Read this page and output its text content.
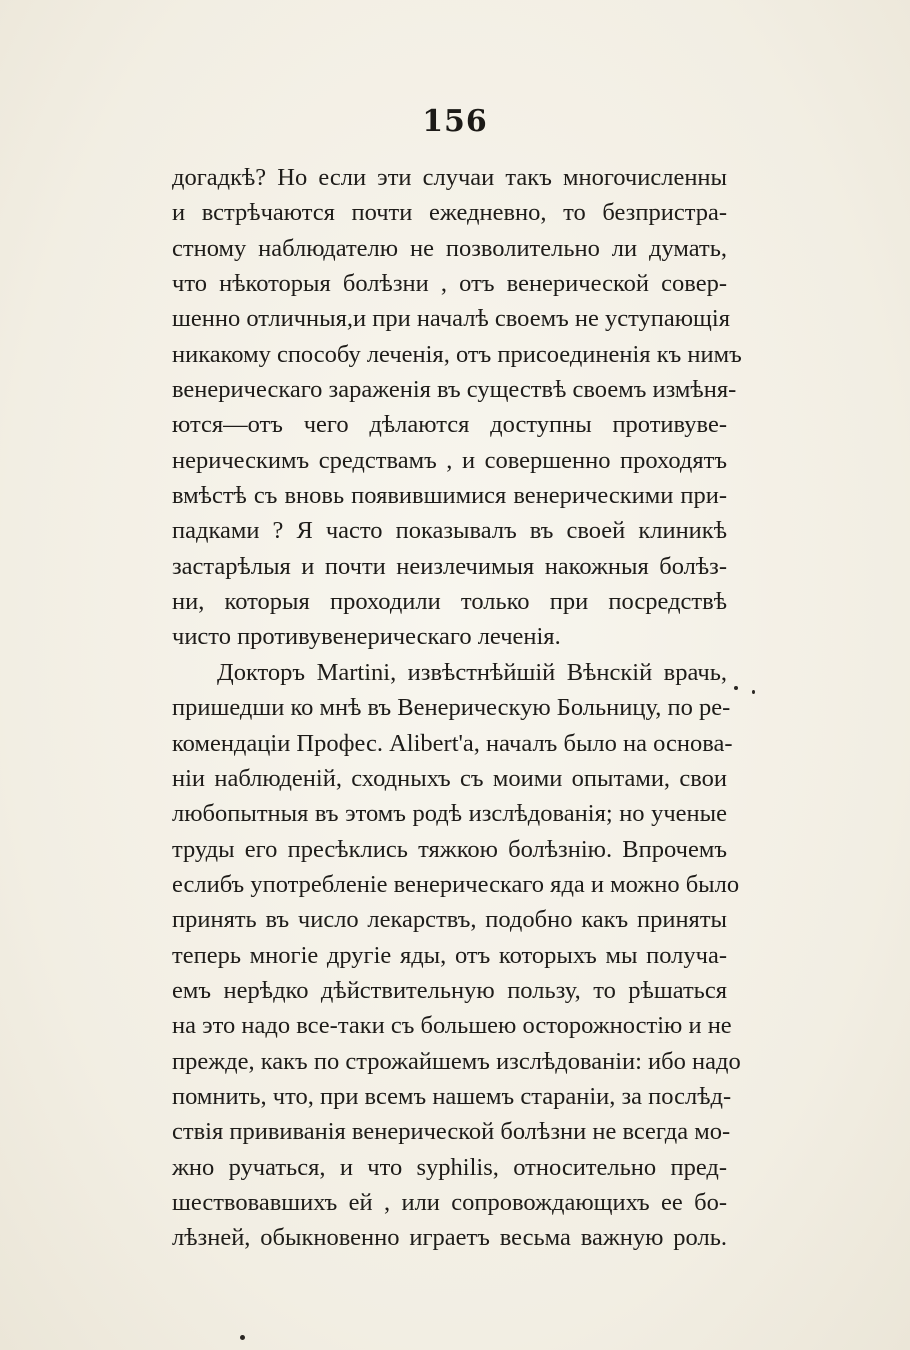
156
догадкѣ? Но если эти случаи такъ многочисленны
и встрѣчаются почти ежедневно, то безпристра-
стному наблюдателю не позволительно ли думать,
что нѣкоторыя болѣзни , отъ венерической совер-
шенно отличныя,и при началѣ своемъ не уступающія
никакому способу леченія, отъ присоединенія къ нимъ
венерическаго зараженія въ существѣ своемъ измѣня-
ются—отъ чего дѣлаются доступны противуве-
нерическимъ средствамъ , и совершенно проходятъ
вмѣстѣ съ вновь появившимися венерическими при-
падками ? Я часто показывалъ въ своей клиникѣ
застарѣлыя и почти неизлечимыя накожныя болѣз-
ни, которыя проходили только при посредствѣ
чисто противувенерическаго леченія.
Докторъ Martini, извѣстнѣйшій Вѣнскій врачь,
пришедши ко мнѣ въ Венерическую Больницу, по ре-
комендаціи Профес. Alibert'a, началъ было на основа-
ніи наблюденій, сходныхъ съ моими опытами, свои
любопытныя въ этомъ родѣ изслѣдованія; но ученые
труды его пресѣклись тяжкою болѣзнію. Впрочемъ
еслибъ употребленіе венерическаго яда и можно было
принять въ число лекарствъ, подобно какъ приняты
теперь многіе другіе яды, отъ которыхъ мы получа-
емъ нерѣдко дѣйствительную пользу, то рѣшаться
на это надо все-таки съ большею осторожностію и не
прежде, какъ по строжайшемъ изслѣдованіи: ибо надо
помнить, что, при всемъ нашемъ стараніи, за послѣд-
ствія прививанія венерической болѣзни не всегда мо-
жно ручаться, и что syphilis, относительно пред-
шествовавшихъ ей , или сопровождающихъ ее бо-
лѣзней, обыкновенно играетъ весьма важную роль.
